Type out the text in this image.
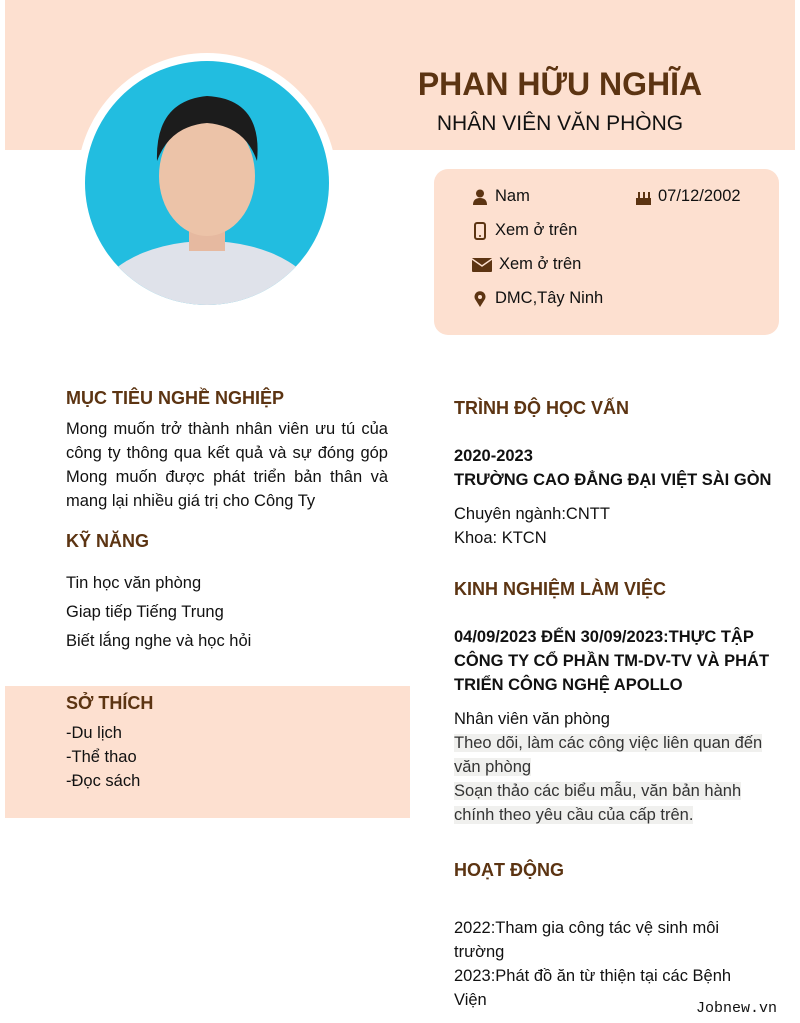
PHAN HỮU NGHĨA
NHÂN VIÊN VĂN PHÒNG
Nam	07/12/2002
Xem ở trên
Xem ở trên
DMC,Tây Ninh
MỤC TIÊU NGHỀ NGHIỆP
Mong muốn trở thành nhân viên ưu tú của công ty thông qua kết quả và sự đóng góp Mong muốn được phát triển bản thân và mang lại nhiều giá trị cho Công Ty
KỸ NĂNG
Tin học văn phòng
Giap tiếp Tiếng Trung
Biết lắng nghe và học hỏi
SỞ THÍCH
-Du lịch
-Thể thao
-Đọc sách
TRÌNH ĐỘ HỌC VẤN
2020-2023
TRƯỜNG CAO ĐẲNG ĐẠI VIỆT SÀI GÒN
Chuyên ngành:CNTT
Khoa: KTCN
KINH NGHIỆM LÀM VIỆC
04/09/2023 ĐẾN 30/09/2023:THỰC TẬP CÔNG TY CỔ PHẦN TM-DV-TV VÀ PHÁT TRIỂN CÔNG NGHỆ APOLLO
Nhân viên văn phòng
Theo dõi, làm các công việc liên quan đến văn phòng
Soạn thảo các biểu mẫu, văn bản hành chính theo yêu cầu của cấp trên.
HOẠT ĐỘNG
2022:Tham gia công tác vệ sinh môi trường
2023:Phát đồ ăn từ thiện tại các Bệnh Viện	Jobnew.vn
